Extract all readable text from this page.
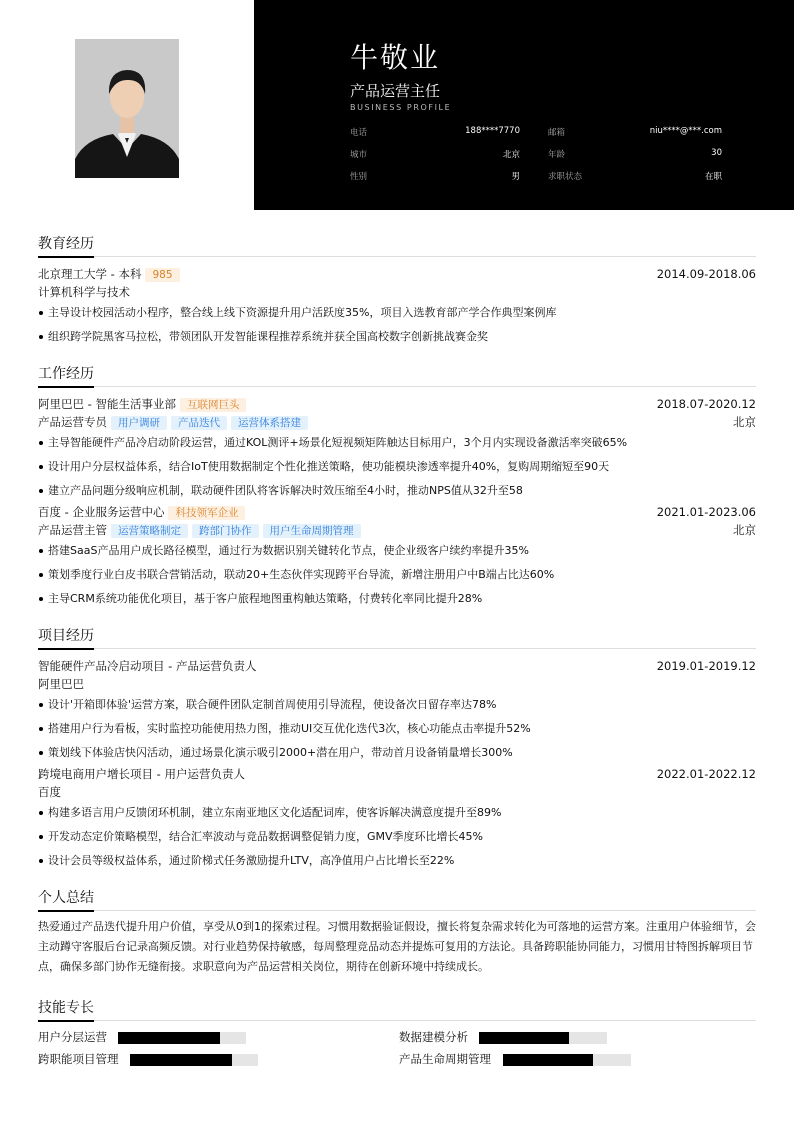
牛敬业
产品运营主任
BUSINESS PROFILE
电话	188****7770	邮箱	niu****@***.com
城市	北京	年龄	30
性别	男	求职状态	在职
教育经历
北京理工大学 - 本科 985	2014.09-2018.06
计算机科学与技术
主导设计校园活动小程序，整合线上线下资源提升用户活跃度35%，项目入选教育部产学合作典型案例库
组织跨学院黑客马拉松，带领团队开发智能课程推荐系统并获全国高校数字创新挑战赛金奖
工作经历
阿里巴巴 - 智能生活事业部 互联网巨头	2018.07-2020.12
产品运营专员 用户调研 产品迭代 运营体系搭建	北京
主导智能硬件产品冷启动阶段运营，通过KOL测评+场景化短视频矩阵触达目标用户，3个月内实现设备激活率突破65%
设计用户分层权益体系，结合IoT使用数据制定个性化推送策略，使功能模块渗透率提升40%，复购周期缩短至90天
建立产品问题分级响应机制，联动硬件团队将客诉解决时效压缩至4小时，推动NPS值从32升至58
百度 - 企业服务运营中心 科技领军企业	2021.01-2023.06
产品运营主管 运营策略制定 跨部门协作 用户生命周期管理	北京
搭建SaaS产品用户成长路径模型，通过行为数据识别关键转化节点，使企业级客户续约率提升35%
策划季度行业白皮书联合营销活动，联动20+生态伙伴实现跨平台导流，新增注册用户中B端占比达60%
主导CRM系统功能优化项目，基于客户旅程地图重构触达策略，付费转化率同比提升28%
项目经历
智能硬件产品冷启动项目 - 产品运营负责人	2019.01-2019.12
阿里巴巴
设计'开箱即体验'运营方案，联合硬件团队定制首周使用引导流程，使设备次日留存率达78%
搭建用户行为看板，实时监控功能使用热力图，推动UI交互优化迭代3次，核心功能点击率提升52%
策划线下体验店快闪活动，通过场景化演示吸引2000+潜在用户，带动首月设备销量增长300%
跨境电商用户增长项目 - 用户运营负责人	2022.01-2022.12
百度
构建多语言用户反馈闭环机制，建立东南亚地区文化适配词库，使客诉解决满意度提升至89%
开发动态定价策略模型，结合汇率波动与竞品数据调整促销力度，GMV季度环比增长45%
设计会员等级权益体系，通过阶梯式任务激励提升LTV，高净值用户占比增长至22%
个人总结
热爱通过产品迭代提升用户价值，享受从0到1的探索过程。习惯用数据验证假设，擅长将复杂需求转化为可落地的运营方案。注重用户体验细节，会主动蹲守客服后台记录高频反馈。对行业趋势保持敏感，每周整理竞品动态并提炼可复用的方法论。具备跨职能协同能力，习惯用甘特图拆解项目节点，确保多部门协作无缝衔接。求职意向为产品运营相关岗位，期待在创新环境中持续成长。
技能专长
用户分层运营	数据建模分析
跨职能项目管理	产品生命周期管理
